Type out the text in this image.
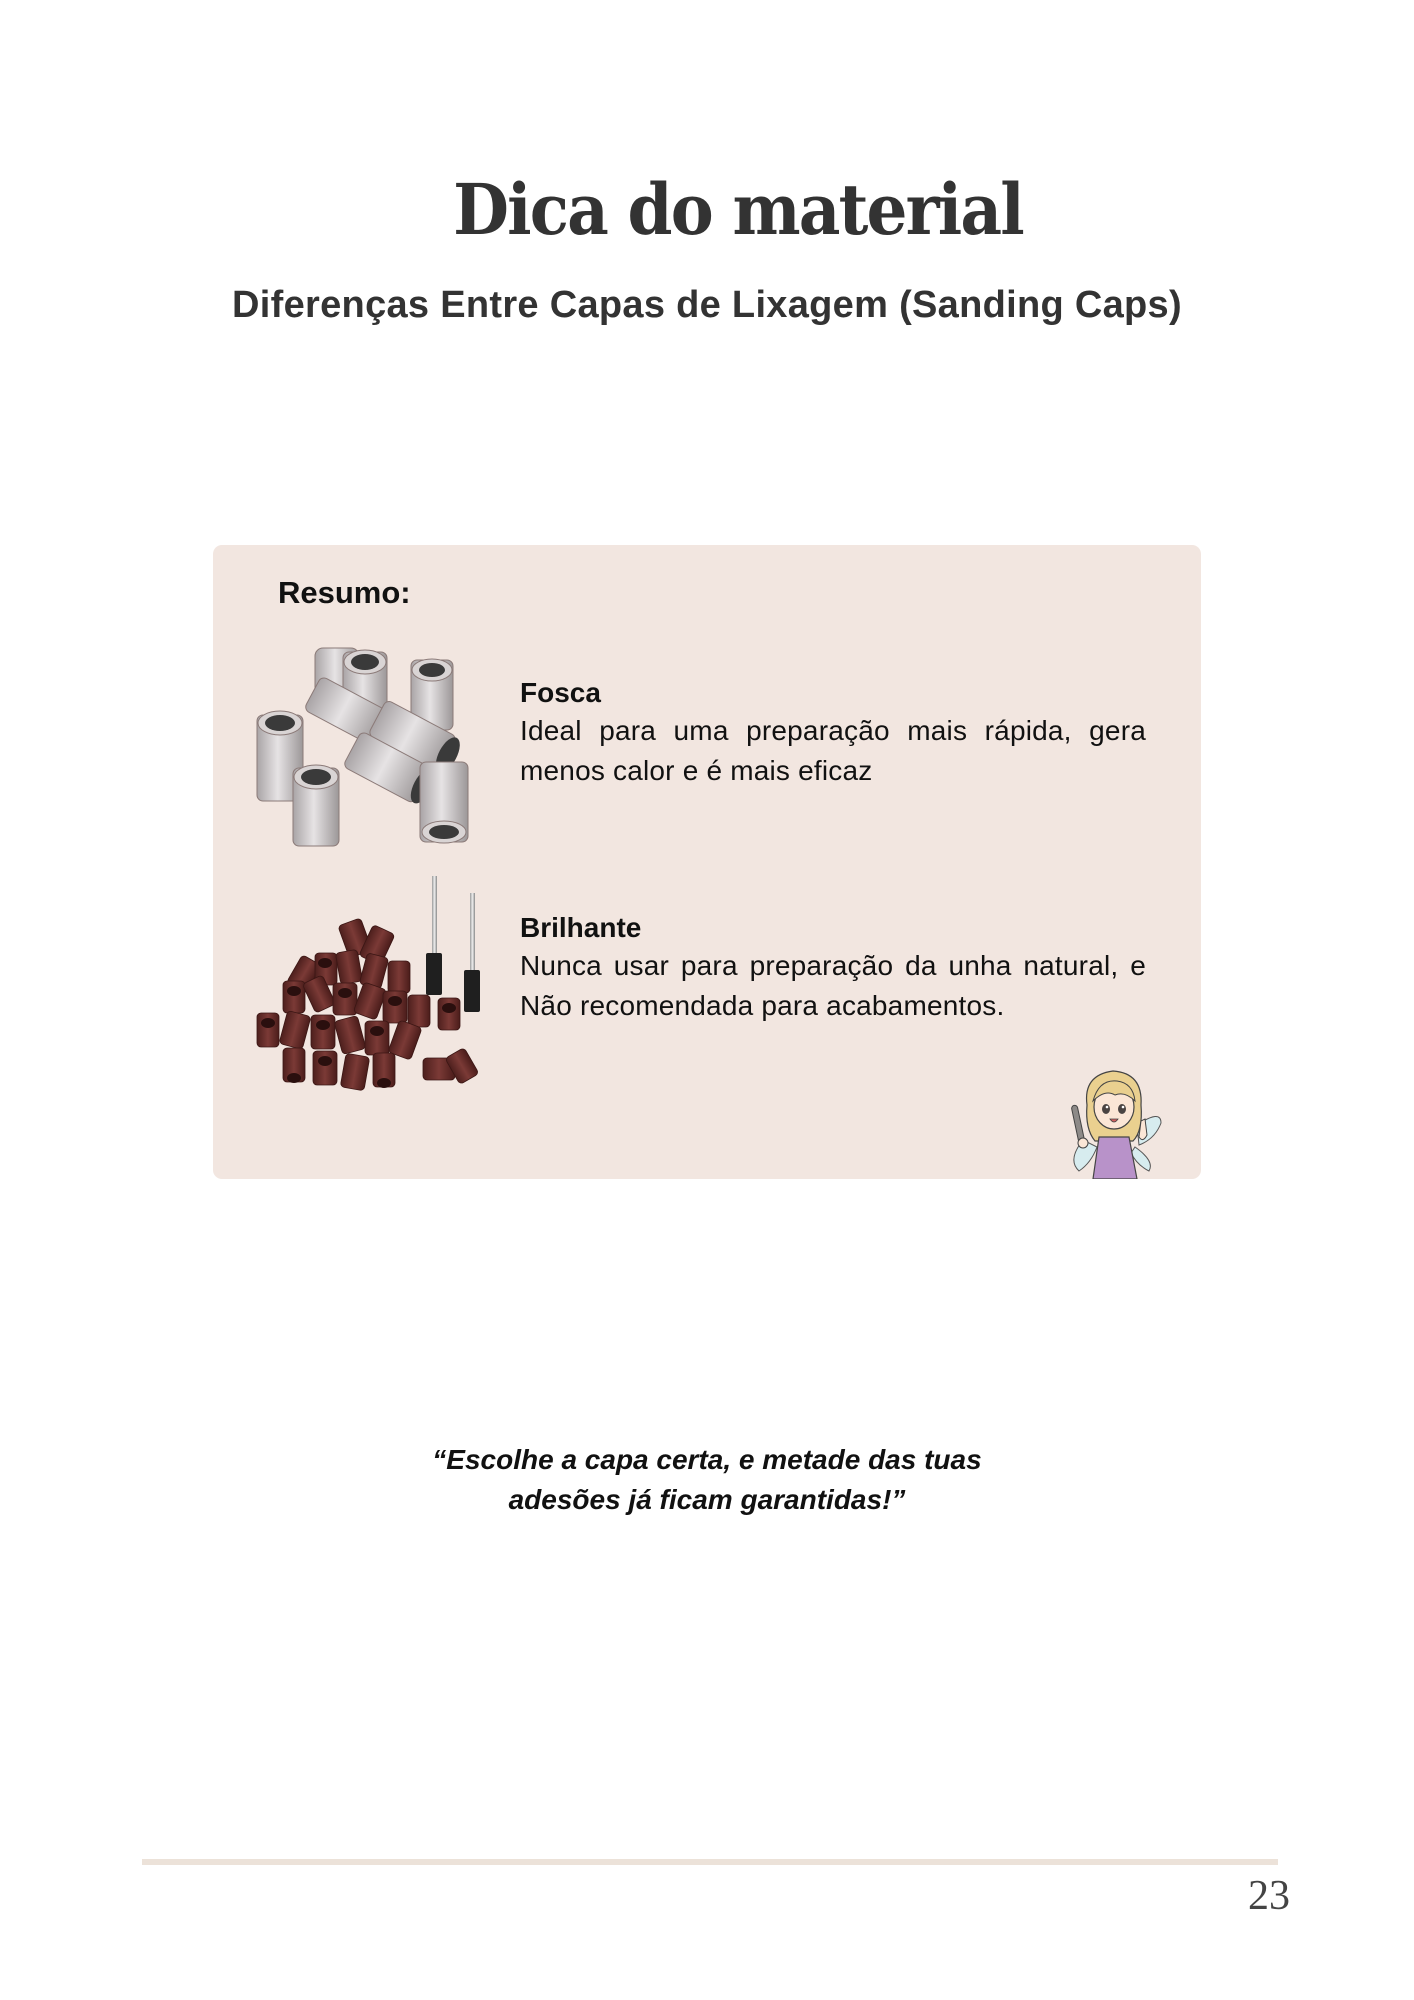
Dica do material
Diferenças Entre Capas de Lixagem (Sanding Caps)
Resumo:
Fosca
Ideal para uma preparação mais rápida, gera menos calor e é mais eficaz
Brilhante
Nunca usar para preparação da unha natural, e Não recomendada para acabamentos.
“Escolhe a capa certa, e metade das tuas
adesões já ficam garantidas!”
23
